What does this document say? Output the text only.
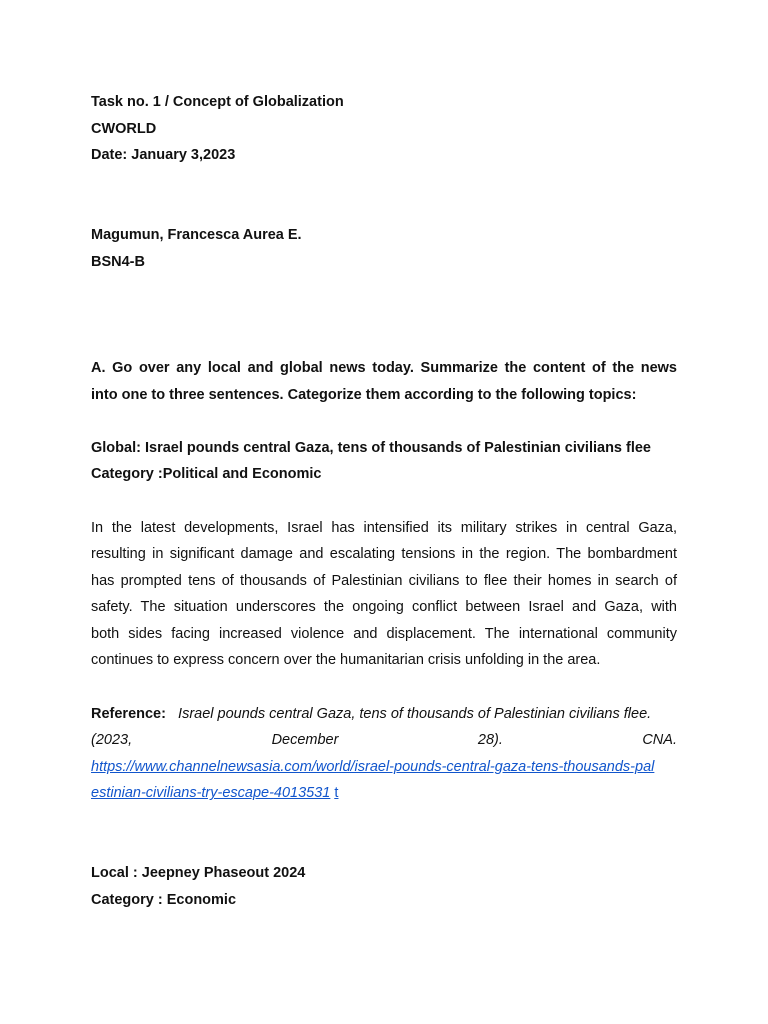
Task no. 1 / Concept of Globalization
CWORLD
Date: January 3,2023
Magumun, Francesca Aurea E.
BSN4-B
A. Go over any local and global news today. Summarize the content of the news
into one to three sentences. Categorize them according to the following topics:
Global: Israel pounds central Gaza, tens of thousands of Palestinian civilians flee
Category :Political and Economic
In the latest developments, Israel has intensified its military strikes in central Gaza,
resulting in significant damage and escalating tensions in the region. The bombardment
has prompted tens of thousands of Palestinian civilians to flee their homes in search of
safety. The situation underscores the ongoing conflict between Israel and Gaza, with
both sides facing increased violence and displacement. The international community
continues to express concern over the humanitarian crisis unfolding in the area.
Reference: Israel pounds central Gaza, tens of thousands of Palestinian civilians flee.
(2023,	December	28).	CNA.
https://www.channelnewsasia.com/world/israel-pounds-central-gaza-tens-thousands-pal
estinian-civilians-try-escape-4013531 t
Local : Jeepney Phaseout 2024
Category : Economic
